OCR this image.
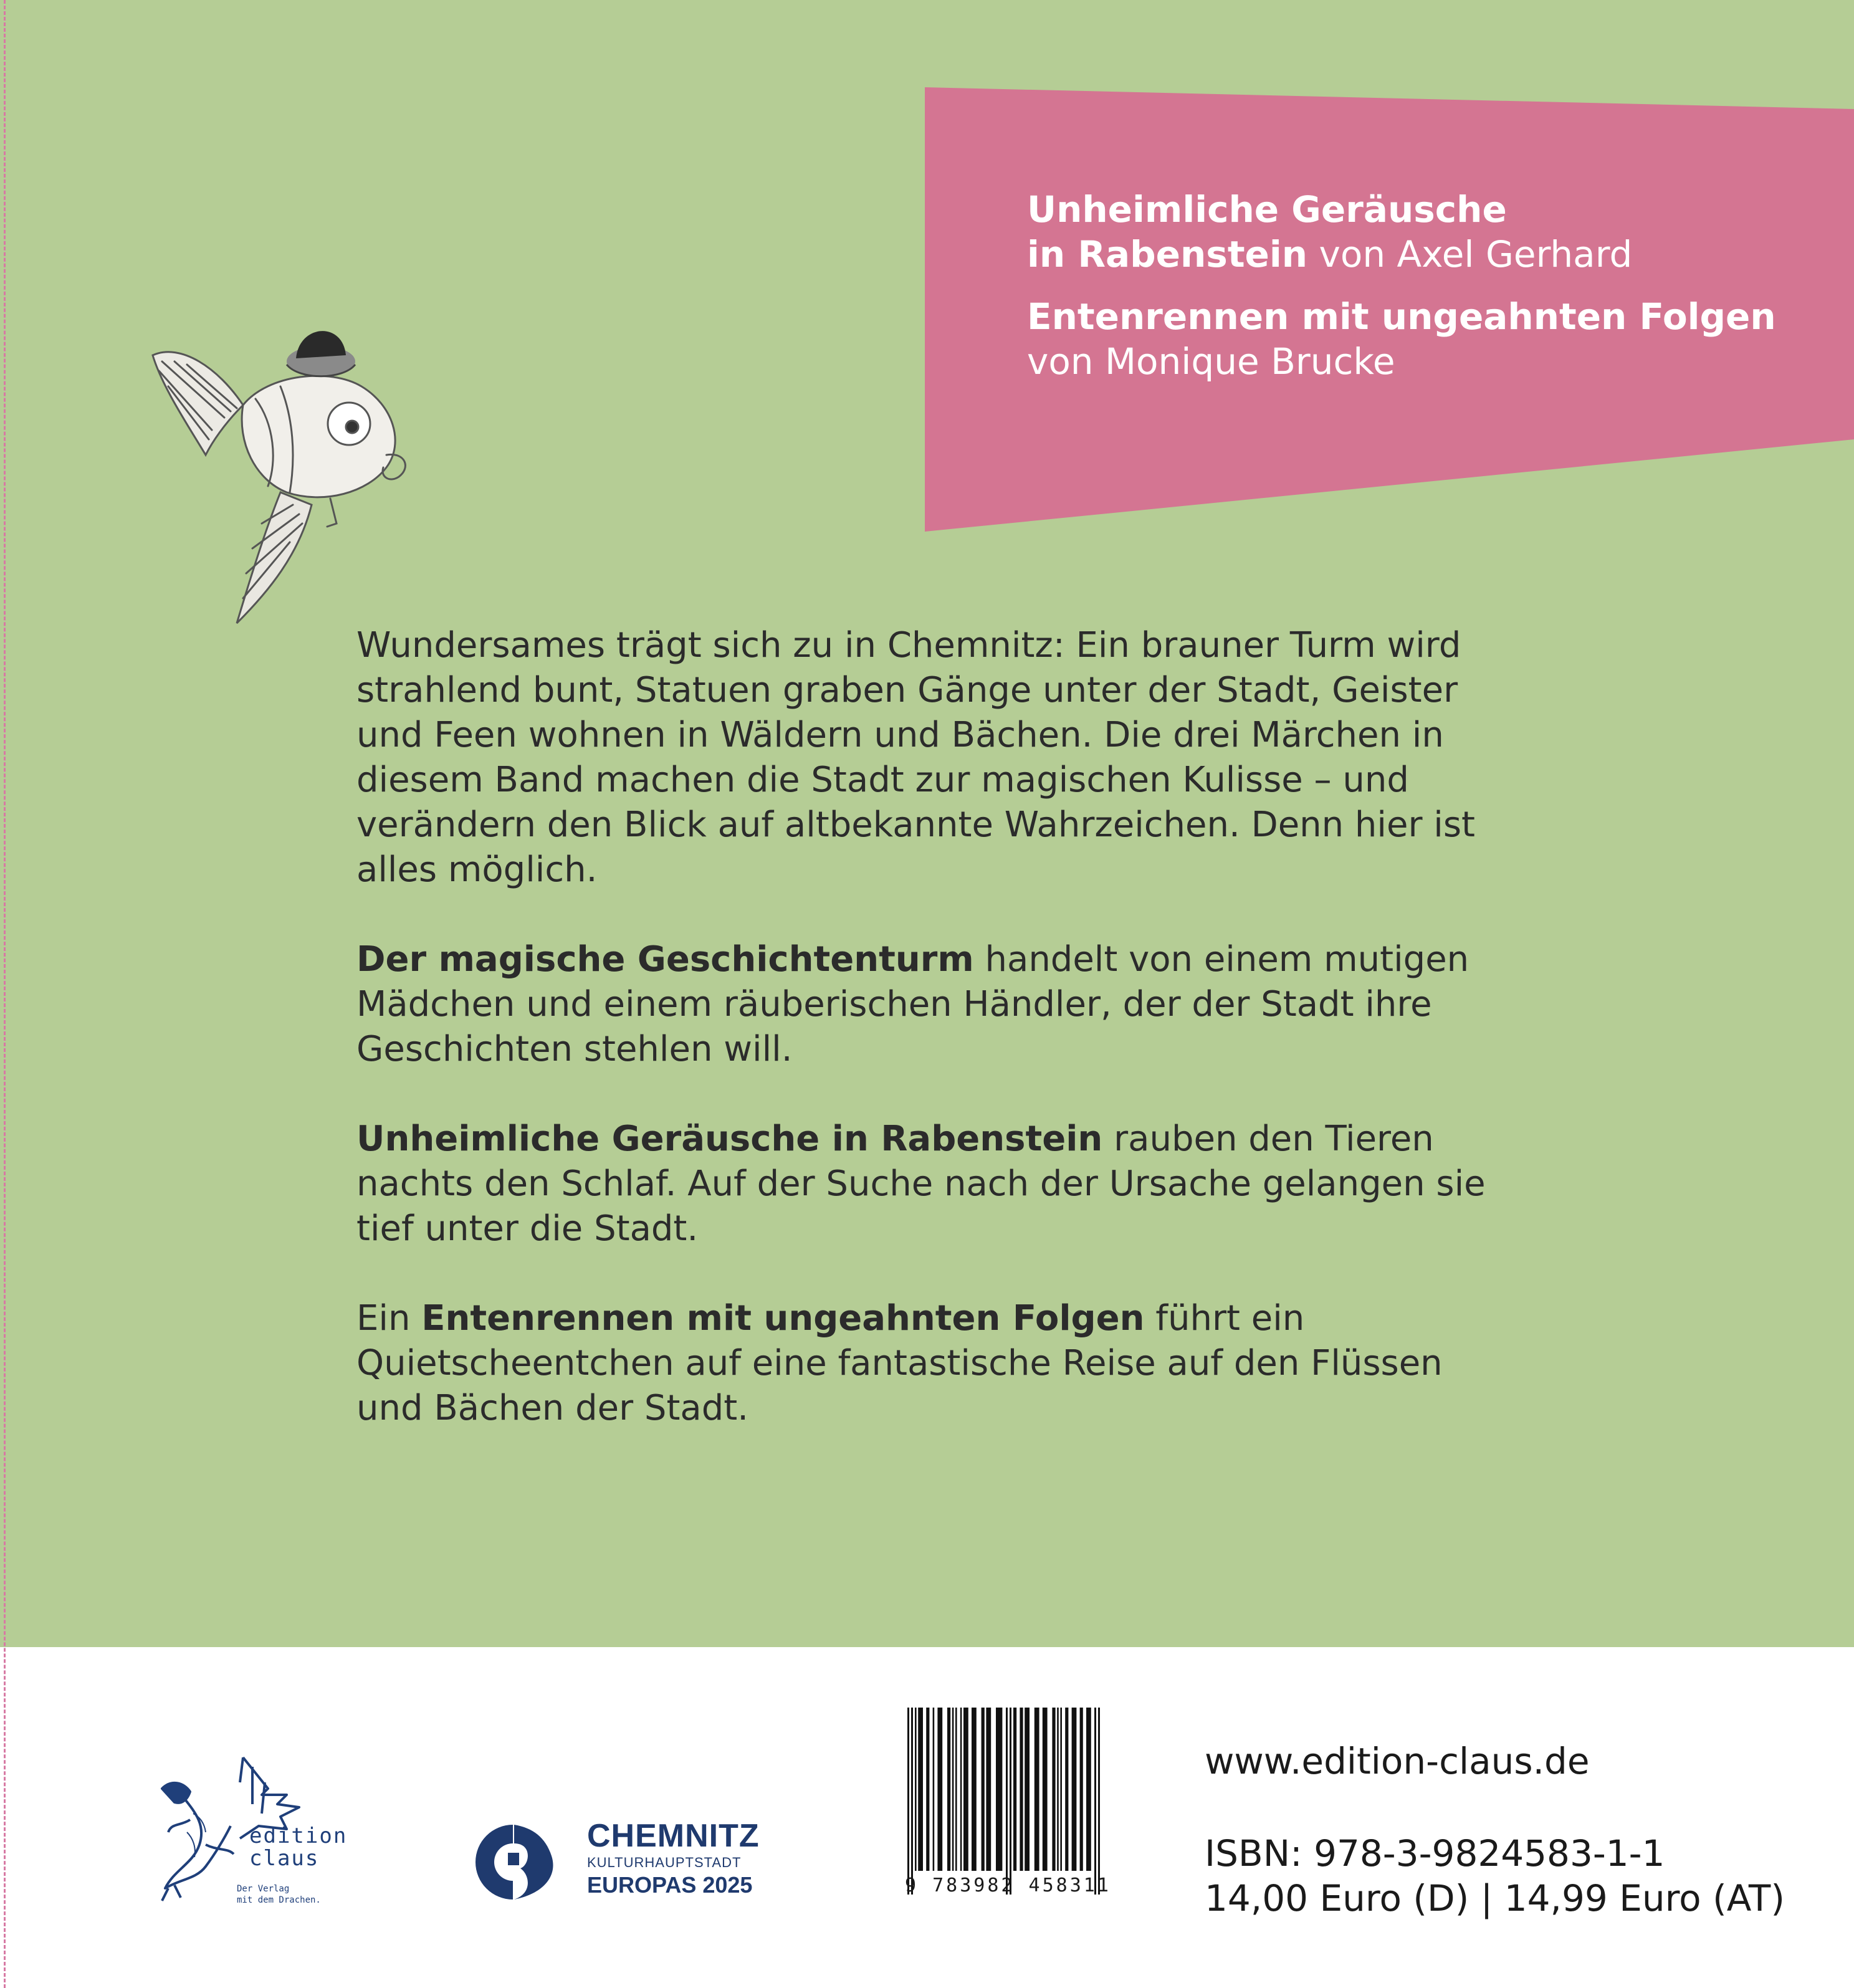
Unheimliche Geräusche
in Rabenstein von Axel Gerhard

Entenrennen mit ungeahnten Folgen
von Monique Brucke

Wundersames trägt sich zu in Chemnitz: Ein brauner Turm wird strahlend bunt, Statuen graben Gänge unter der Stadt, Geister und Feen wohnen in Wäldern und Bächen. Die drei Märchen in diesem Band machen die Stadt zur magischen Kulisse – und verändern den Blick auf altbekannte Wahrzeichen. Denn hier ist alles möglich.

Der magische Geschichtenturm handelt von einem mutigen Mädchen und einem räuberischen Händler, der der Stadt ihre Geschichten stehlen will.

Unheimliche Geräusche in Rabenstein rauben den Tieren nachts den Schlaf. Auf der Suche nach der Ursache gelangen sie tief unter die Stadt.

Ein Entenrennen mit ungeahnten Folgen führt ein Quietscheentchen auf eine fantastische Reise auf den Flüssen und Bächen der Stadt.

edition
claus
Der Verlag
mit dem Drachen.
CHEMNITZ
KULTURHAUPTSTADT
EUROPAS 2025	9 783982 458311
www.edition-claus.de
ISBN: 978-3-9824583-1-1
14,00 Euro (D) | 14,99 Euro (AT)
